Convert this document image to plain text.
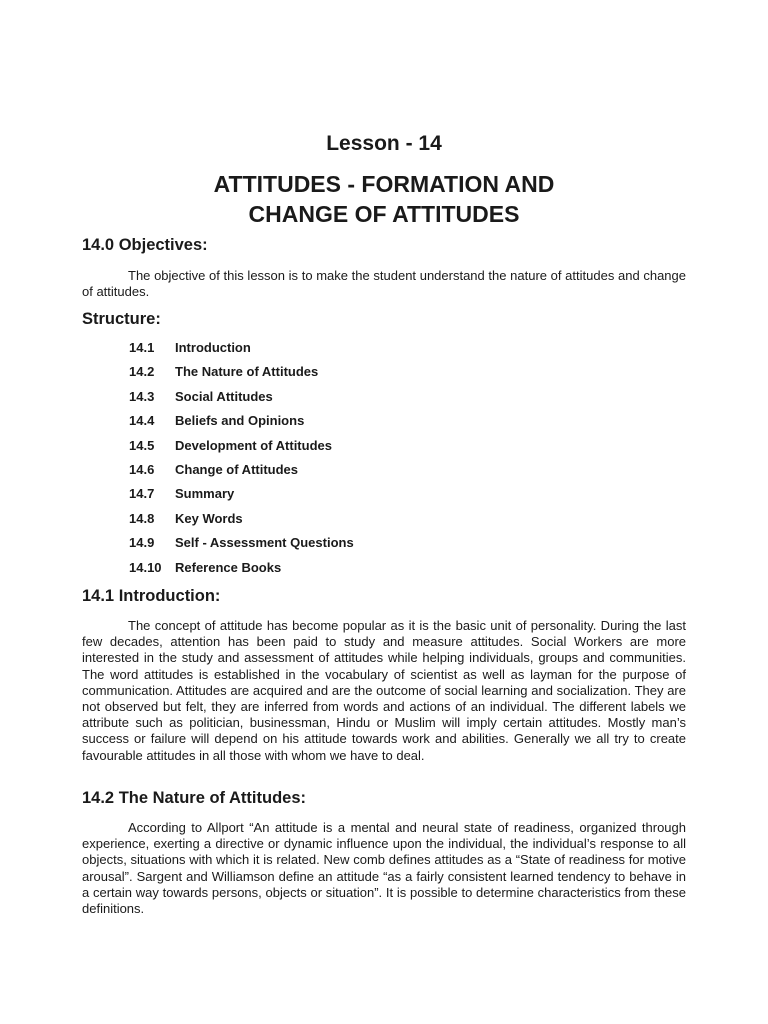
Lesson - 14
ATTITUDES - FORMATION AND
CHANGE OF ATTITUDES
14.0 Objectives:

The objective of this lesson is to make the student understand the nature of attitudes and change of attitudes.

Structure:
14.1	Introduction
14.2	The Nature of Attitudes
14.3	Social Attitudes
14.4	Beliefs and Opinions
14.5	Development of Attitudes
14.6	Change of Attitudes
14.7	Summary
14.8	Key Words
14.9	Self - Assessment Questions
14.10	Reference Books
14.1 Introduction:

The concept of attitude has become popular as it is the basic unit of personality. During the last few decades, attention has been paid to study and measure attitudes. Social Workers are more interested in the study and assessment of attitudes while helping individuals, groups and communities. The word attitudes is established in the vocabulary of scientist as well as layman for the purpose of communication. Attitudes are acquired and are the outcome of social learning and socialization. They are not observed but felt, they are inferred from words and actions of an individual. The different labels we attribute such as politician, businessman, Hindu or Muslim will imply certain attitudes. Mostly man’s success or failure will depend on his attitude towards work and abilities. Generally we all try to create favourable attitudes in all those with whom we have to deal.

14.2 The Nature of Attitudes:

According to Allport “An attitude is a mental and neural state of readiness, organized through experience, exerting a directive or dynamic influence upon the individual, the individual’s response to all objects, situations with which it is related. New comb defines attitudes as a “State of readiness for motive arousal”. Sargent and Williamson define an attitude “as a fairly consistent learned tendency to behave in a certain way towards persons, objects or situation”. It is possible to determine characteristics from these definitions.
